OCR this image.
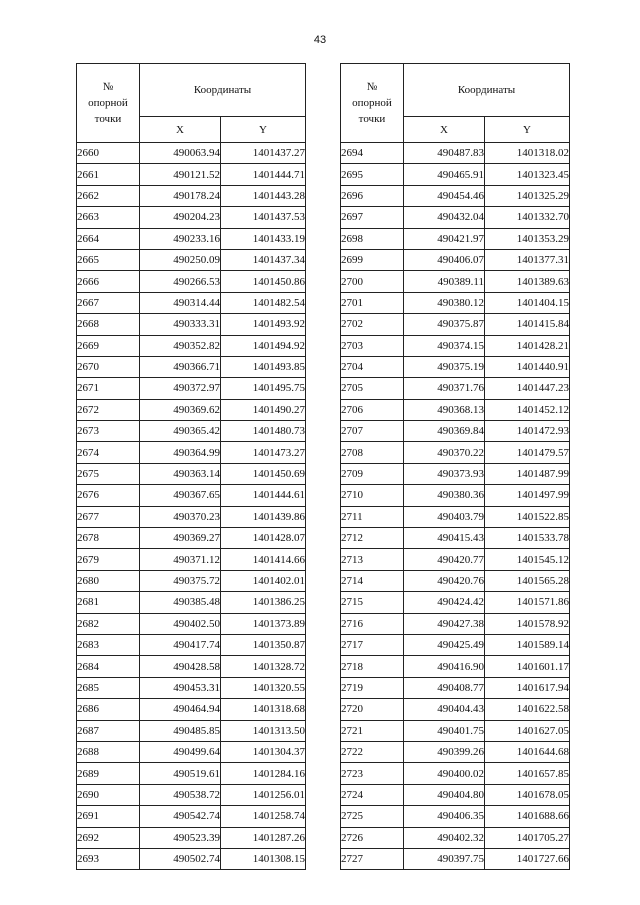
43
№
опорной
точки	Координаты	
	X	Y
2660	490063.94	1401437.27
2661	490121.52	1401444.71
2662	490178.24	1401443.28
2663	490204.23	1401437.53
2664	490233.16	1401433.19
2665	490250.09	1401437.34
2666	490266.53	1401450.86
2667	490314.44	1401482.54
2668	490333.31	1401493.92
2669	490352.82	1401494.92
2670	490366.71	1401493.85
2671	490372.97	1401495.75
2672	490369.62	1401490.27
2673	490365.42	1401480.73
2674	490364.99	1401473.27
2675	490363.14	1401450.69
2676	490367.65	1401444.61
2677	490370.23	1401439.86
2678	490369.27	1401428.07
2679	490371.12	1401414.66
2680	490375.72	1401402.01
2681	490385.48	1401386.25
2682	490402.50	1401373.89
2683	490417.74	1401350.87
2684	490428.58	1401328.72
2685	490453.31	1401320.55
2686	490464.94	1401318.68
2687	490485.85	1401313.50
2688	490499.64	1401304.37
2689	490519.61	1401284.16
2690	490538.72	1401256.01
2691	490542.74	1401258.74
2692	490523.39	1401287.26
2693	490502.74	1401308.15
№
опорной
точки	Координаты	
	X	Y
2694	490487.83	1401318.02
2695	490465.91	1401323.45
2696	490454.46	1401325.29
2697	490432.04	1401332.70
2698	490421.97	1401353.29
2699	490406.07	1401377.31
2700	490389.11	1401389.63
2701	490380.12	1401404.15
2702	490375.87	1401415.84
2703	490374.15	1401428.21
2704	490375.19	1401440.91
2705	490371.76	1401447.23
2706	490368.13	1401452.12
2707	490369.84	1401472.93
2708	490370.22	1401479.57
2709	490373.93	1401487.99
2710	490380.36	1401497.99
2711	490403.79	1401522.85
2712	490415.43	1401533.78
2713	490420.77	1401545.12
2714	490420.76	1401565.28
2715	490424.42	1401571.86
2716	490427.38	1401578.92
2717	490425.49	1401589.14
2718	490416.90	1401601.17
2719	490408.77	1401617.94
2720	490404.43	1401622.58
2721	490401.75	1401627.05
2722	490399.26	1401644.68
2723	490400.02	1401657.85
2724	490404.80	1401678.05
2725	490406.35	1401688.66
2726	490402.32	1401705.27
2727	490397.75	1401727.66
